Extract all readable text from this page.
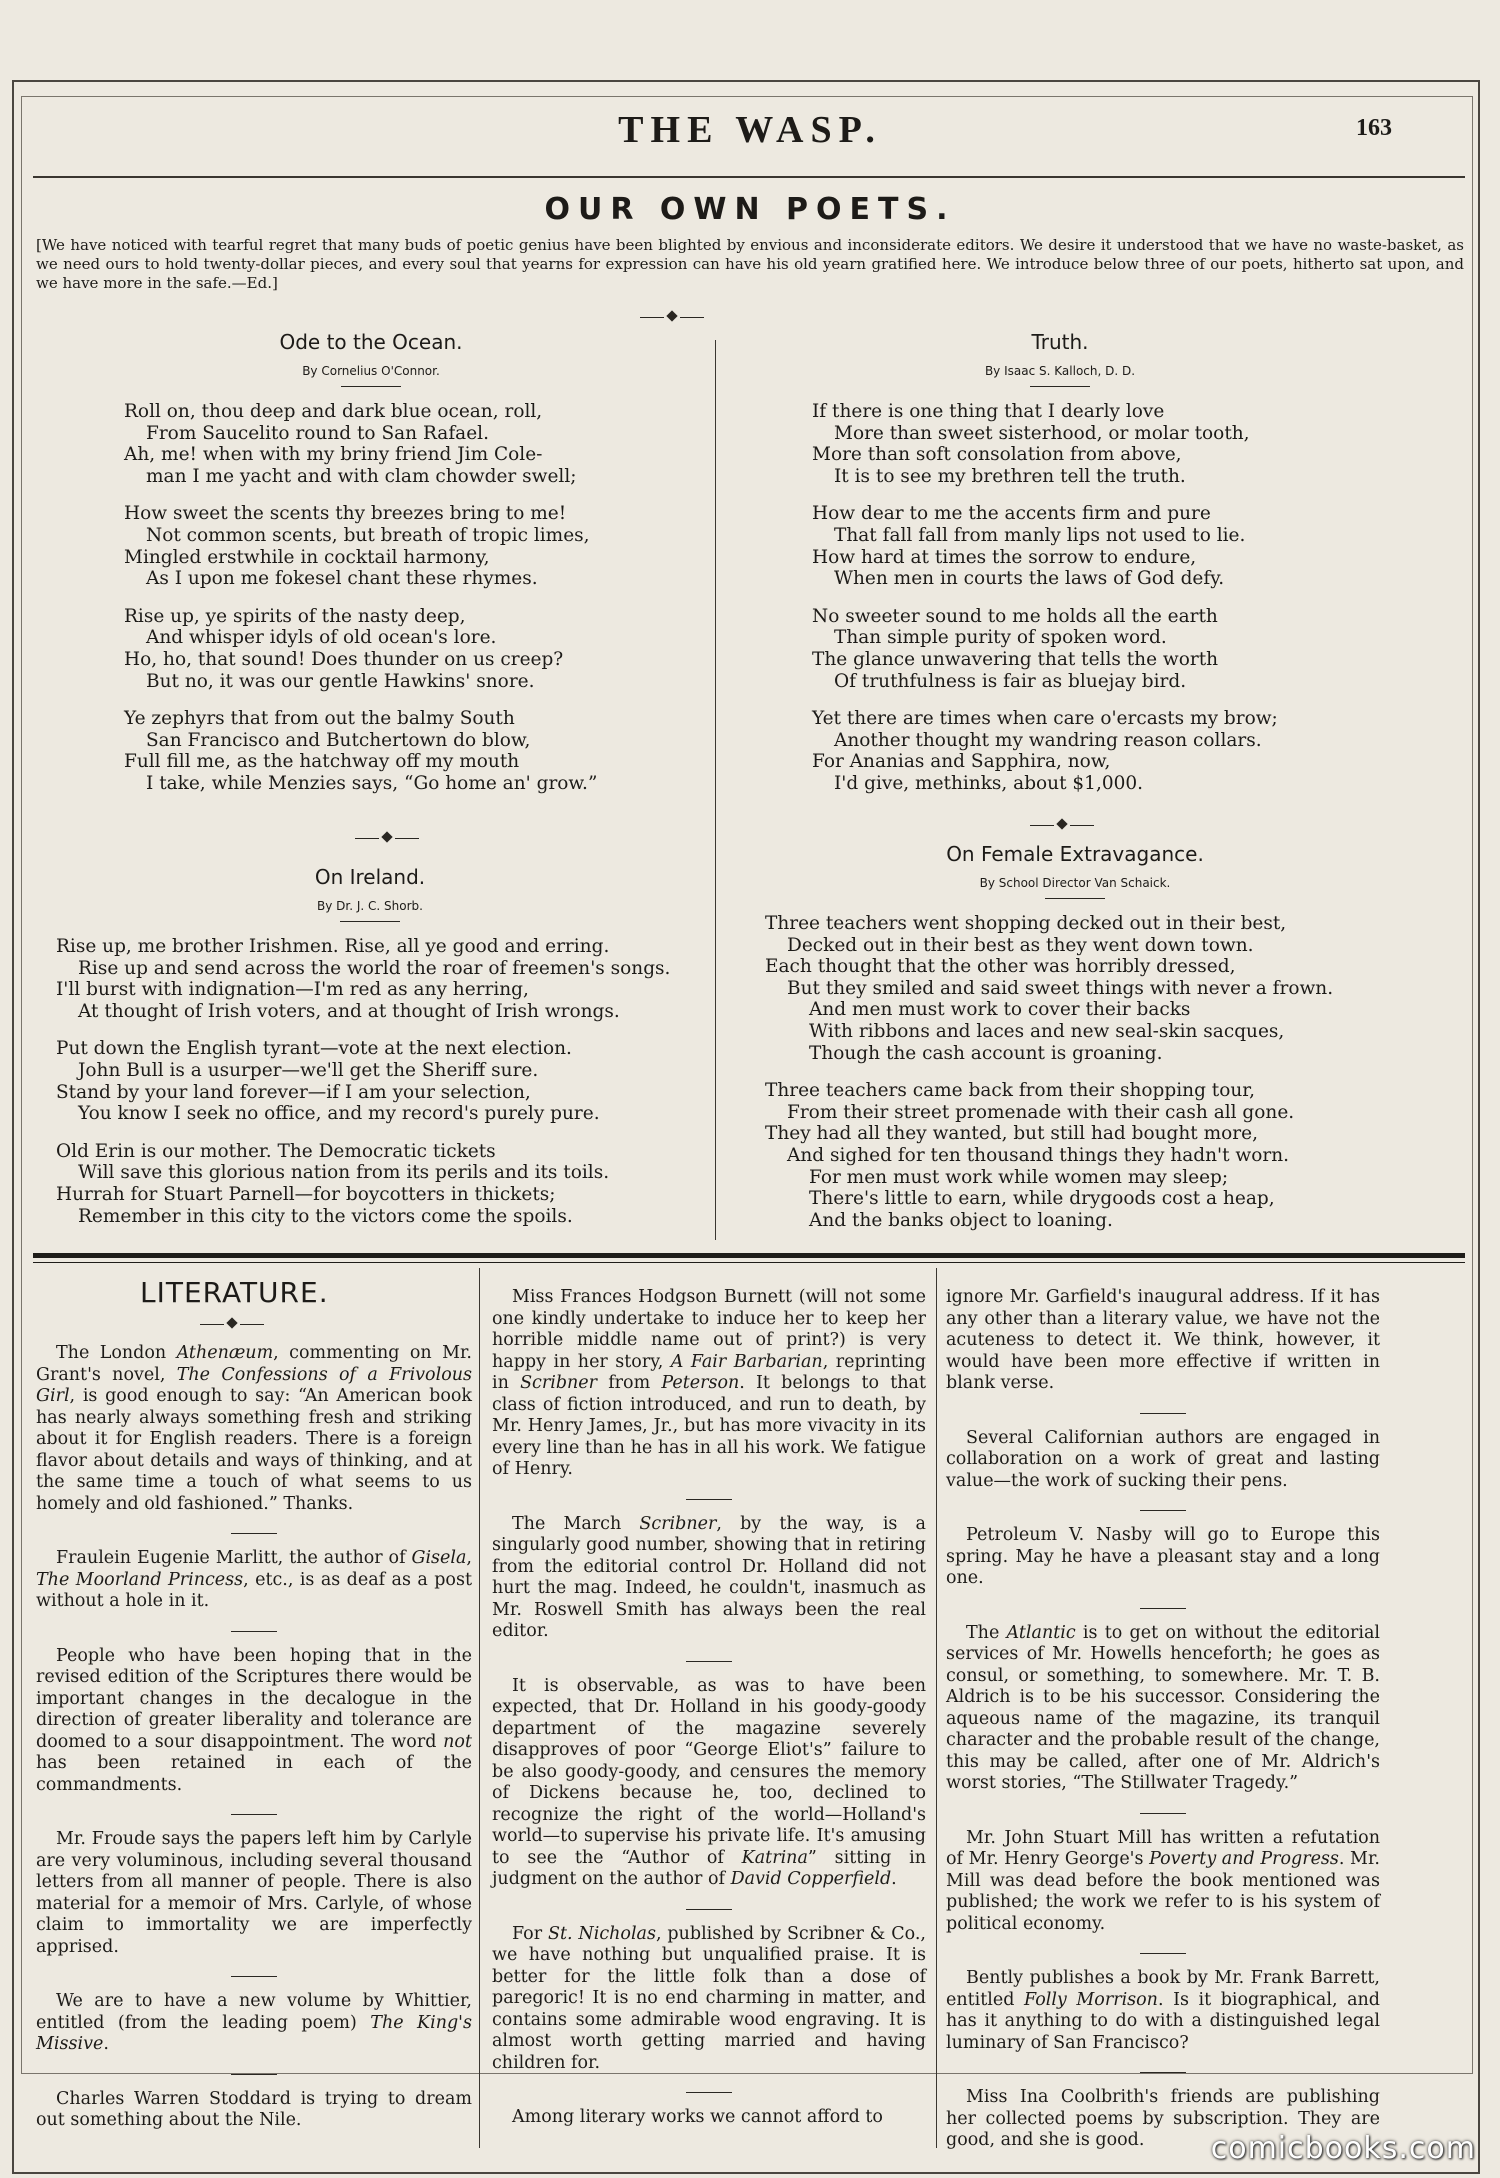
THE WASP.	163
OUR OWN POETS.

[We have noticed with tearful regret that many buds of poetic genius have been blighted by envious and inconsiderate editors. We desire it understood that we have no waste-basket, as we need ours to hold twenty-dollar pieces, and every soul that yearns for expression can have his old yearn gratified here. We introduce below three of our poets, hitherto sat upon, and we have more in the safe.—Ed.]

Ode to the Ocean.

By Cornelius O'Connor.

Roll on, thou deep and dark blue ocean, roll,
From Saucelito round to San Rafael.
Ah, me! when with my briny friend Jim Cole-
man I me yacht and with clam chowder swell;
How sweet the scents thy breezes bring to me!
Not common scents, but breath of tropic limes,
Mingled erstwhile in cocktail harmony,
As I upon me fokesel chant these rhymes.
Rise up, ye spirits of the nasty deep,
And whisper idyls of old ocean's lore.
Ho, ho, that sound! Does thunder on us creep?
But no, it was our gentle Hawkins' snore.
Ye zephyrs that from out the balmy South
San Francisco and Butchertown do blow,
Full fill me, as the hatchway off my mouth
I take, while Menzies says, “Go home an' grow.”
On Ireland.

By Dr. J. C. Shorb.

Rise up, me brother Irishmen. Rise, all ye good and erring.
Rise up and send across the world the roar of freemen's songs.
I'll burst with indignation—I'm red as any herring,
At thought of Irish voters, and at thought of Irish wrongs.
Put down the English tyrant—vote at the next election.
John Bull is a usurper—we'll get the Sheriff sure.
Stand by your land forever—if I am your selection,
You know I seek no office, and my record's purely pure.
Old Erin is our mother. The Democratic tickets
Will save this glorious nation from its perils and its toils.
Hurrah for Stuart Parnell—for boycotters in thickets;
Remember in this city to the victors come the spoils.
Truth.

By Isaac S. Kalloch, D. D.

If there is one thing that I dearly love
More than sweet sisterhood, or molar tooth,
More than soft consolation from above,
It is to see my brethren tell the truth.
How dear to me the accents firm and pure
That fall fall from manly lips not used to lie.
How hard at times the sorrow to endure,
When men in courts the laws of God defy.
No sweeter sound to me holds all the earth
Than simple purity of spoken word.
The glance unwavering that tells the worth
Of truthfulness is fair as bluejay bird.
Yet there are times when care o'ercasts my brow;
Another thought my wandring reason collars.
For Ananias and Sapphira, now,
I'd give, methinks, about $1,000.
On Female Extravagance.

By School Director Van Schaick.

Three teachers went shopping decked out in their best,
Decked out in their best as they went down town.
Each thought that the other was horribly dressed,
But they smiled and said sweet things with never a frown.
And men must work to cover their backs
With ribbons and laces and new seal-skin sacques,
Though the cash account is groaning.
Three teachers came back from their shopping tour,
From their street promenade with their cash all gone.
They had all they wanted, but still had bought more,
And sighed for ten thousand things they hadn't worn.
For men must work while women may sleep;
There's little to earn, while drygoods cost a heap,
And the banks object to loaning.
LITERATURE.

The London Athenæum, commenting on Mr. Grant's novel, The Confessions of a Frivolous Girl, is good enough to say: “An American book has nearly always something fresh and striking about it for English readers. There is a foreign flavor about details and ways of thinking, and at the same time a touch of what seems to us homely and old fashioned.” Thanks.

Fraulein Eugenie Marlitt, the author of Gisela, The Moorland Princess, etc., is as deaf as a post without a hole in it.

People who have been hoping that in the revised edition of the Scriptures there would be important changes in the decalogue in the direction of greater liberality and tolerance are doomed to a sour disappointment. The word not has been retained in each of the commandments.

Mr. Froude says the papers left him by Carlyle are very voluminous, including several thousand letters from all manner of people. There is also material for a memoir of Mrs. Carlyle, of whose claim to immortality we are imperfectly apprised.

We are to have a new volume by Whittier, entitled (from the leading poem) The King's Missive.

Charles Warren Stoddard is trying to dream out something about the Nile.

Miss Frances Hodgson Burnett (will not some one kindly undertake to induce her to keep her horrible middle name out of print?) is very happy in her story, A Fair Barbarian, reprinting in Scribner from Peterson. It belongs to that class of fiction introduced, and run to death, by Mr. Henry James, Jr., but has more vivacity in its every line than he has in all his work. We fatigue of Henry.

The March Scribner, by the way, is a singularly good number, showing that in retiring from the editorial control Dr. Holland did not hurt the mag. Indeed, he couldn't, inasmuch as Mr. Roswell Smith has always been the real editor.

It is observable, as was to have been expected, that Dr. Holland in his goody-goody department of the magazine severely disapproves of poor “George Eliot's” failure to be also goody-goody, and censures the memory of Dickens because he, too, declined to recognize the right of the world—Holland's world—to supervise his private life. It's amusing to see the “Author of Katrina” sitting in judgment on the author of David Copperfield.

For St. Nicholas, published by Scribner & Co., we have nothing but unqualified praise. It is better for the little folk than a dose of paregoric! It is no end charming in matter, and contains some admirable wood engraving. It is almost worth getting married and having children for.

Among literary works we cannot afford to

ignore Mr. Garfield's inaugural address. If it has any other than a literary value, we have not the acuteness to detect it. We think, however, it would have been more effective if written in blank verse.

Several Californian authors are engaged in collaboration on a work of great and lasting value—the work of sucking their pens.

Petroleum V. Nasby will go to Europe this spring. May he have a pleasant stay and a long one.

The Atlantic is to get on without the editorial services of Mr. Howells henceforth; he goes as consul, or something, to somewhere. Mr. T. B. Aldrich is to be his successor. Considering the aqueous name of the magazine, its tranquil character and the probable result of the change, this may be called, after one of Mr. Aldrich's worst stories, “The Stillwater Tragedy.”

Mr. John Stuart Mill has written a refutation of Mr. Henry George's Poverty and Progress. Mr. Mill was dead before the book mentioned was published; the work we refer to is his system of political economy.

Bently publishes a book by Mr. Frank Barrett, entitled Folly Morrison. Is it biographical, and has it anything to do with a distinguished legal luminary of San Francisco?

Miss Ina Coolbrith's friends are publishing her collected poems by subscription. They are good, and she is good.	comicbooks.com
